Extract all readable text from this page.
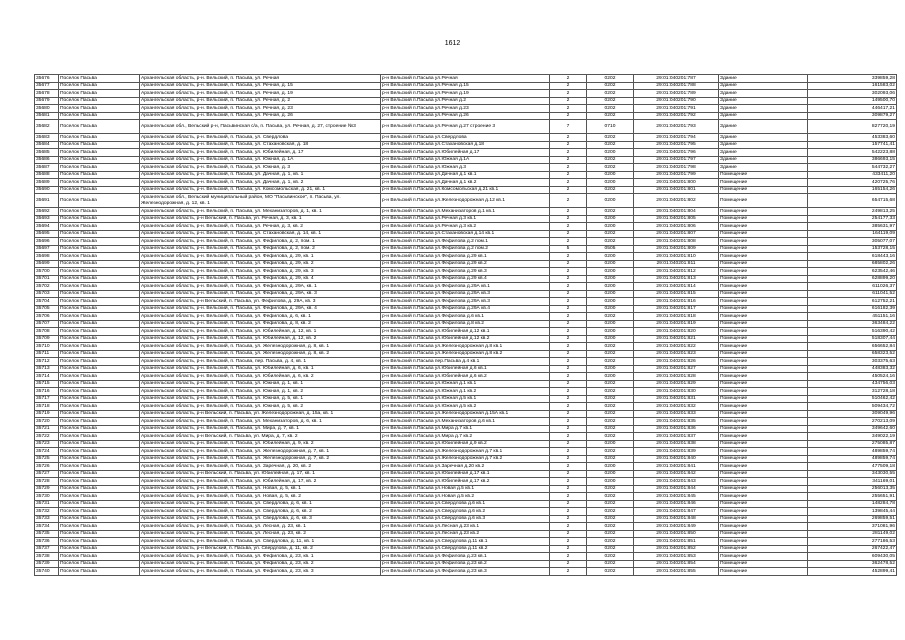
1612
35676	Поселок Пасьва	Архангельская область, р-н. Вельский, п. Пасьва, ул. Речная	р-н Вельский п.Пасьва ул.Речная	2	0202	29:01:040201:787	Здание	339859,28
35677	Поселок Пасьва	Архангельская область, р-н. Вельский, п. Пасьва, ул. Речная, д. 15	р-н Вельский п.Пасьва ул.Речная д.15	2	0202	29:01:040201:788	Здание	161583,02
35678	Поселок Пасьва	Архангельская область, р-н. Вельский, п. Пасьва, ул. Речная, д. 19	р-н Вельский п.Пасьва ул.Речная д.19	2	0202	29:01:040201:789	Здание	302093,06
35679	Поселок Пасьва	Архангельская область, р-н. Вельский, п. Пасьва, ул. Речная, д. 2	р-н Вельский п.Пасьва ул.Речная д.2	2	0202	29:01:040201:790	Здание	149500,70
35680	Поселок Пасьва	Архангельская область, р-н. Вельский, п. Пасьва, ул. Речная, д. 23	р-н Вельский п.Пасьва ул.Речная д.23	2	0202	29:01:040201:791	Здание	446417,21
35681	Поселок Пасьва	Архангельская область, р-н. Вельский, п. Пасьва, ул. Речная, д. 26	р-н Вельский п.Пасьва ул.Речная д.26	2	0202	29:01:040201:792	Здание	309879,27
35682	Поселок Пасьва	Архангельская обл., Вельский р-н, Пасьвинская с/а, п. Пасьва, ул. Речная, д. 27, строение №3	р-н Вельский п.Пасьва ул.Речная д.27 строение 3	7	0710	29:01:040201:793	Здание	827720,19
35683	Поселок Пасьва	Архангельская область, р-н. Вельский, п. Пасьва, ул. Свердлова	р-н Вельский п.Пасьва ул.Свердлова	2	0202	29:01:040201:794	Здание	453383,60
35684	Поселок Пасьва	Архангельская область, р-н. Вельский, п. Пасьва, ул. Стахановская, д. 18	р-н Вельский п.Пасьва ул.Стахановская д.18	2	0202	29:01:040201:795	Здание	157741,41
35685	Поселок Пасьва	Архангельская область, р-н. Вельский, п. Пасьва, ул. Юбилейная, д. 17	р-н Вельский п.Пасьва ул.Юбилейная д.17	2	0200	29:01:040201:796	Здание	542223,88
35686	Поселок Пасьва	Архангельская область, р-н. Вельский, п. Пасьва, ул. Южная, д. 1А	р-н Вельский п.Пасьва ул.Южная д.1А	2	0202	29:01:040201:797	Здание	386693,15
35687	Поселок Пасьва	Архангельская область, р-н. Вельский, п. Пасьва, ул. Южная, д. 3	р-н Вельский п.Пасьва ул.Южная д.3	2	0202	29:01:040201:798	Здание	544732,27
35688	Поселок Пасьва	Архангельская область, р-н. Вельский, п. Пасьва, ул. Дачная, д. 1, кв. 1	р-н Вельский п.Пасьва ул.Дачная д.1 кв.1	2	0200	29:01:040201:799	Помещение	433411,20
35689	Поселок Пасьва	Архангельская область, р-н. Вельский, п. Пасьва, ул. Дачная, д. 1, кв. 2	р-н Вельский п.Пасьва ул.Дачная д.1 кв.2	2	0200	29:01:040201:800	Помещение	420725,76
35690	Поселок Пасьва	Архангельская область, р-н. Вельский, п. Пасьва, ул. Комсомольская, д. 21, кв. 1	р-н Вельский п.Пасьва ул.Комсомольская д.21 кв.1	2	0202	29:01:040201:801	Помещение	165154,26
35691	Поселок Пасьва	Архангельская обл., Вельский муниципальный район, МО "Пасьвинское", п. Пасьва, ул. Железнодорожная, д. 12, кв. 1	р-н Вельский п.Пасьва ул.Железнодорожная д.12 кв.1	2	0200	29:01:040201:802	Помещение	654715,68
35692	Поселок Пасьва	Архангельская область, р-н. Вельский, п. Пасьва, ул. Механизаторов, д. 1, кв. 1	р-н Вельский п.Пасьва ул.Механизаторов д.1 кв.1	2	0202	29:01:040201:804	Помещение	249813,25
35693	Поселок Пасьва	Архангельская область, р-н Вельский, п. Пасьва, ул. Речная, д. 3, кв. 1	р-н Вельский п.Пасьва ул.Речная д.3 кв.1	2	0200	29:01:040201:805	Помещение	254177,33
35694	Поселок Пасьва	Архангельская область, р-н. Вельский, п. Пасьва, ул. Речная, д. 3, кв. 2	р-н Вельский п.Пасьва ул.Речная д.3 кв.2	2	0200	29:01:040201:806	Помещение	385631,97
35695	Поселок Пасьва	Архангельская область, р-н. Вельский, п. Пасьва, ул. Стахановская, д. 14, кв. 1	р-н Вельский п.Пасьва ул.Стахановская д.14 кв.1	2	0202	29:01:040201:807	Помещение	164119,09
35696	Поселок Пасьва	Архангельская область, р-н. Вельский, п. Пасьва, ул. Фефилова, д. 2, пом. 1	р-н Вельский п.Пасьва ул.Фефилова д.2 пом.1	2	0202	29:01:040201:808	Помещение	305077,07
35697	Поселок Пасьва	Архангельская область, р-н. Вельский, п. Пасьва, ул. Фефилова, д. 2, пом. 2	р-н Вельский п.Пасьва ул.Фефилова д.2 пом.2	5	0505	29:01:040201:809	Помещение	153728,15
35698	Поселок Пасьва	Архангельская область, р-н. Вельский, п. Пасьва, ул. Фефилова, д. 29, кв. 1	р-н Вельский п.Пасьва ул.Фефилова д.29 кв.1	2	0200	29:01:040201:810	Помещение	618443,16
35699	Поселок Пасьва	Архангельская область, р-н. Вельский, п. Пасьва, ул. Фефилова, д. 29, кв. 2	р-н Вельский п.Пасьва ул.Фефилова д.29 кв.2	2	0200	29:01:040201:811	Помещение	685802,26
35700	Поселок Пасьва	Архангельская область, р-н. Вельский, п. Пасьва, ул. Фефилова, д. 29, кв. 3	р-н Вельский п.Пасьва ул.Фефилова д.29 кв.3	2	0200	29:01:040201:812	Помещение	623542,46
35701	Поселок Пасьва	Архангельская область, р-н. Вельский, п. Пасьва, ул. Фефилова, д. 29, кв. 4	р-н Вельский п.Пасьва ул.Фефилова д.29 кв.4	2	0200	29:01:040201:813	Помещение	628899,20
35702	Поселок Пасьва	Архангельская область, р-н. Вельский, п. Пасьва, ул. Фефилова, д. 29А, кв. 1	р-н Вельский п.Пасьва ул.Фефилова д.29А кв.1	2	0200	29:01:040201:814	Помещение	611026,37
35703	Поселок Пасьва	Архангельская область, р-н. Вельский, п. Пасьва, ул. Фефилова, д. 29А, кв. 3	р-н Вельский п.Пасьва ул.Фефилова д.29А кв.3	2	0200	29:01:040201:815	Помещение	611041,52
35704	Поселок Пасьва	Архангельская область, р-н Вельский, п. Пасьва, ул. Фефилова, д. 29А, кв. 3	р-н Вельский п.Пасьва ул.Фефилова д.29А кв.3	2	0200	29:01:040201:816	Помещение	612752,21
35705	Поселок Пасьва	Архангельская область, р-н. Вельский, п. Пасьва, ул. Фефилова, д. 29А, кв. 4	р-н Вельский п.Пасьва ул.Фефилова д.29А кв.4	2	0200	29:01:040201:817	Помещение	616182,39
35706	Поселок Пасьва	Архангельская область, р-н. Вельский, п. Пасьва, ул. Фефилова, д. 6, кв. 1	р-н Вельский п.Пасьва ул.Фефилова д.6 кв.1	2	0202	29:01:040201:818	Помещение	451151,16
35707	Поселок Пасьва	Архангельская область, р-н. Вельский, п. Пасьва, ул. Фефилова, д. 8, кв. 2	р-н Вельский п.Пасьва ул.Фефилова д.8 кв.2	2	0200	29:01:040201:819	Помещение	363484,22
35708	Поселок Пасьва	Архангельская область, р-н. Вельский, п. Пасьва, ул. Юбилейная, д. 12, кв. 1	р-н Вельский п.Пасьва ул.Юбилейная д.12 кв.1	2	0200	29:01:040201:820	Помещение	516390,42
35709	Поселок Пасьва	Архангельская область, р-н. Вельский, п. Пасьва, ул. Юбилейная, д. 12, кв. 2	р-н Вельский п.Пасьва ул.Юбилейная д.12 кв.2	2	0200	29:01:040201:821	Помещение	518307,44
35710	Поселок Пасьва	Архангельская область, р-н. Вельский, п. Пасьва, ул. Железнодорожная, д. 8, кв. 1	р-н Вельский п.Пасьва ул.Железнодорожная д.8 кв.1	2	0202	29:01:040201:822	Помещение	656652,84
35711	Поселок Пасьва	Архангельская область, р-н. Вельский, п. Пасьва, ул. Железнодорожная, д. 8, кв. 2	р-н Вельский п.Пасьва ул.Железнодорожная д.8 кв.2	2	0202	29:01:040201:823	Помещение	658323,52
35712	Поселок Пасьва	Архангельская область, р-н. Вельский, п. Пасьва, пер. Пасьва, д. 4, кв. 1	р-н Вельский п.Пасьва пер.Пасьва д.4 кв.1	2	0202	29:01:040201:826	Помещение	303375,63
35713	Поселок Пасьва	Архангельская область, р-н. Вельский, п. Пасьва, ул. Юбилейная, д. 6, кв. 1	р-н Вельский п.Пасьва ул.Юбилейная д.6 кв.1	2	0200	29:01:040201:827	Помещение	448383,32
35714	Поселок Пасьва	Архангельская область, р-н. Вельский, п. Пасьва, ул. Юбилейная, д. 6, кв. 2	р-н Вельский п.Пасьва ул.Юбилейная д.6 кв.2	2	0200	29:01:040201:828	Помещение	450524,16
35715	Поселок Пасьва	Архангельская область, р-н. Вельский, п. Пасьва, ул. Южная, д. 1, кв. 1	р-н Вельский п.Пасьва ул.Южная д.1 кв.1	2	0202	29:01:040201:829	Помещение	434756,03
35716	Поселок Пасьва	Архангельская область, р-н. Вельский, п. Пасьва, ул. Южная, д. 1, кв. 2	р-н Вельский п.Пасьва ул.Южная д.1 кв.2	2	0202	29:01:040201:830	Помещение	312728,18
35717	Поселок Пасьва	Архангельская область, р-н. Вельский, п. Пасьва, ул. Южная, д. 5, кв. 1	р-н Вельский п.Пасьва ул.Южная д.5 кв.1	2	0202	29:01:040201:831	Помещение	510462,42
35718	Поселок Пасьва	Архангельская область, р-н. Вельский, п. Пасьва, ул. Южная, д. 5, кв. 2	р-н Вельский п.Пасьва ул.Южная д.5 кв.2	2	0202	29:01:040201:832	Помещение	509434,72
35719	Поселок Пасьва	Архангельская область, р-н Вельский, п. Пасьва, ул. Железнодорожная, д. 15а, кв. 1	р-н Вельский п.Пасьва ул.Железнодорожная д.15А кв.1	2	0202	29:01:040201:833	Помещение	309049,96
35720	Поселок Пасьва	Архангельская область, р-н. Вельский, п. Пасьва, ул. Механизаторов, д. 6, кв. 1	р-н Вельский п.Пасьва ул.Механизаторов д.6 кв.1	2	0202	29:01:040201:835	Помещение	270213,09
35721	Поселок Пасьва	Архангельская область, р-н. Вельский, п. Пасьва, ул. Мира, д. 7, кв. 1	р-н Вельский п.Пасьва ул.Мира д.7 кв.1	2	0202	29:01:040201:836	Помещение	349642,60
35722	Поселок Пасьва	Архангельская область, р-н Вельский, п. Пасьва, ул. Мира, д. 7, кв. 2	р-н Вельский п.Пасьва ул.Мира д.7 кв.2	2	0202	29:01:040201:837	Помещение	349022,19
35723	Поселок Пасьва	Архангельская область, р-н. Вельский, п. Пасьва, ул. Юбилейная, д. 9, кв. 2	р-н Вельский п.Пасьва ул.Юбилейная д.9 кв.2	2	0200	29:01:040201:838	Помещение	275085,87
35724	Поселок Пасьва	Архангельская область, р-н. Вельский, п. Пасьва, ул. Железнодорожная, д. 7, кв. 1	р-н Вельский п.Пасьва ул.Железнодорожная д.7 кв.1	2	0202	29:01:040201:839	Помещение	489859,74
35725	Поселок Пасьва	Архангельская область, р-н. Вельский, п. Пасьва, ул. Железнодорожная, д. 7, кв. 2	р-н Вельский п.Пасьва ул.Железнодорожная д.7 кв.2	2	0202	29:01:040201:840	Помещение	489859,74
35726	Поселок Пасьва	Архангельская область, р-н. Вельский, п. Пасьва, ул. Заречная, д. 20, кв. 2	р-н Вельский п.Пасьва ул.Заречная д.20 кв.2	2	0200	29:01:040201:841	Помещение	477509,18
35727	Поселок Пасьва	Архангельская область, р-н Вельский, п. Пасьва, ул. Юбилейная, д. 17, кв. 1	р-н Вельский п.Пасьва ул.Юбилейная д.17 кв.1	2	0200	29:01:040201:842	Помещение	343030,55
35728	Поселок Пасьва	Архангельская область, р-н. Вельский, п. Пасьва, ул. Юбилейная, д. 17, кв. 2	р-н Вельский п.Пасьва ул.Юбилейная д.17 кв.2	2	0200	29:01:040201:843	Помещение	341169,01
35729	Поселок Пасьва	Архангельская область, р-н. Вельский, п. Пасьва, ул. Новая, д. 5, кв. 1	р-н Вельский п.Пасьва ул.Новая д.5 кв.1	2	0202	29:01:040201:844	Помещение	256013,35
35730	Поселок Пасьва	Архангельская область, р-н. Вельский, п. Пасьва, ул. Новая, д. 5, кв. 2	р-н Вельский п.Пасьва ул.Новая д.5 кв.2	2	0202	29:01:040201:845	Помещение	255651,91
35731	Поселок Пасьва	Архангельская область, р-н. Вельский, п. Пасьва, ул. Свердлова, д. 6, кв. 1	р-н Вельский п.Пасьва ул.Свердлова д.6 кв.1	2	0202	29:01:040201:846	Помещение	148284,78
35732	Поселок Пасьва	Архангельская область, р-н. Вельский, п. Пасьва, ул. Свердлова, д. 6, кв. 2	р-н Вельский п.Пасьва ул.Свердлова д.6 кв.2	2	0202	29:01:040201:847	Помещение	139845,44
35733	Поселок Пасьва	Архангельская область, р-н. Вельский, п. Пасьва, ул. Свердлова, д. 6, кв. 3	р-н Вельский п.Пасьва ул.Свердлова д.6 кв.3	2	0202	29:01:040201:848	Помещение	269859,51
35734	Поселок Пасьва	Архангельская область, р-н. Вельский, п. Пасьва, ул. Лесная, д. 23, кв. 1	р-н Вельский п.Пасьва ул.Лесная д.23 кв.1	2	0202	29:01:040201:849	Помещение	371081,96
35735	Поселок Пасьва	Архангельская область, р-н. Вельский, п. Пасьва, ул. Лесная, д. 23, кв. 2	р-н Вельский п.Пасьва ул.Лесная д.23 кв.2	2	0202	29:01:040201:850	Помещение	281149,02
35736	Поселок Пасьва	Архангельская область, р-н. Вельский, п. Пасьва, ул. Свердлова, д. 11, кв. 1	р-н Вельский п.Пасьва ул.Свердлова д.11 кв.1	2	0202	29:01:040201:851	Помещение	277186,53
35737	Поселок Пасьва	Архангельская область, р-н Вельский, п. Пасьва, ул. Свердлова, д. 11, кв. 2	р-н Вельский п.Пасьва ул.Свердлова д.11 кв.2	2	0202	29:01:040201:852	Помещение	267422,47
35738	Поселок Пасьва	Архангельская область, р-н. Вельский, п. Пасьва, ул. Фефилова, д. 23, кв. 1	р-н Вельский п.Пасьва ул.Фефилова д.23 кв.1	2	0202	29:01:040201:853	Помещение	609430,05
35739	Поселок Пасьва	Архангельская область, р-н. Вельский, п. Пасьва, ул. Фефилова, д. 23, кв. 2	р-н Вельский п.Пасьва ул.Фефилова д.23 кв.2	2	0202	29:01:040201:854	Помещение	362478,52
35740	Поселок Пасьва	Архангельская область, р-н. Вельский, п. Пасьва, ул. Фефилова, д. 23, кв. 3	р-н Вельский п.Пасьва ул.Фефилова д.23 кв.3	2	0202	29:01:040201:855	Помещение	452899,41
